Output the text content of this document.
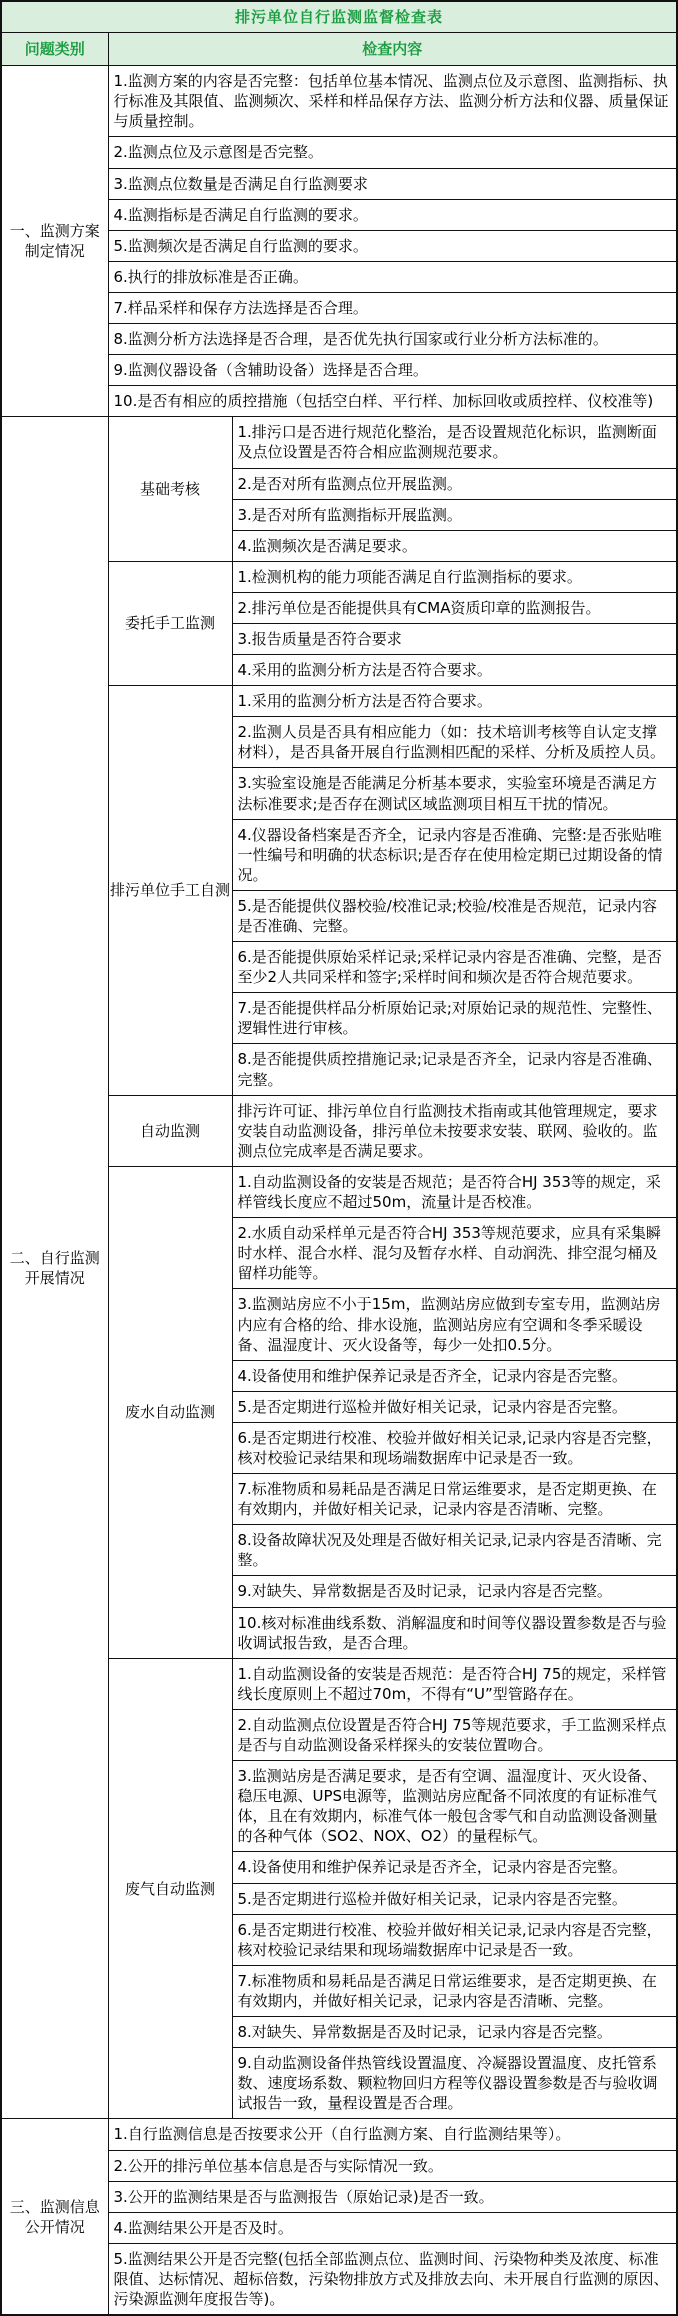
排污单位自行监测监督检查表		
问题类别	检查内容	
一、监测方案制定情况	1.监测方案的内容是否完整：包括单位基本情况、监测点位及示意图、监测指标、执行标准及其限值、监测频次、采样和样品保存方法、监测分析方法和仪器、质量保证与质量控制。	
	2.监测点位及示意图是否完整。	
	3.监测点位数量是否满足自行监测要求	
	4.监测指标是否满足自行监测的要求。	
	5.监测频次是否满足自行监测的要求。	
	6.执行的排放标准是否正确。	
	7.样品采样和保存方法选择是否合理。	
	8.监测分析方法选择是否合理，是否优先执行国家或行业分析方法标准的。	
	9.监测仪器设备（含辅助设备）选择是否合理。	
	10.是否有相应的质控措施（包括空白样、平行样、加标回收或质控样、仪校准等)	
二、自行监测开展情况	基础考核	1.排污口是否进行规范化整治，是否设置规范化标识，监测断面及点位设置是否符合相应监测规范要求。
		2.是否对所有监测点位开展监测。
		3.是否对所有监测指标开展监测。
		4.监测频次是否满足要求。
	委托手工监测	1.检测机构的能力项能否满足自行监测指标的要求。
		2.排污单位是否能提供具有CMA资质印章的监测报告。
		3.报告质量是否符合要求
		4.采用的监测分析方法是否符合要求。
	排污单位手工自测	1.采用的监测分析方法是否符合要求。
		2.监测人员是否具有相应能力（如：技术培训考核等自认定支撑材料），是否具备开展自行监测相匹配的采样、分析及质控人员。
		3.实验室设施是否能满足分析基本要求，实验室环境是否满足方法标准要求;是否存在测试区域监测项目相互干扰的情况。
		4.仪器设备档案是否齐全，记录内容是否准确、完整:是否张贴唯一性编号和明确的状态标识;是否存在使用检定期已过期设备的情况。
		5.是否能提供仪器校验/校准记录;校验/校准是否规范，记录内容是否准确、完整。
		6.是否能提供原始采样记录;采样记录内容是否准确、完整，是否至少2人共同采样和签字;采样时间和频次是否符合规范要求。
		7.是否能提供样品分析原始记录;对原始记录的规范性、完整性、逻辑性进行审核。
		8.是否能提供质控措施记录;记录是否齐全，记录内容是否准确、完整。
	自动监测	排污许可证、排污单位自行监测技术指南或其他管理规定，要求安装自动监测设备，排污单位未按要求安装、联网、验收的。监测点位完成率是否满足要求。
	废水自动监测	1.自动监测设备的安装是否规范；是否符合HJ 353等的规定，采样管线长度应不超过50m，流量计是否校准。
		2.水质自动采样单元是否符合HJ 353等规范要求，应具有采集瞬时水样、混合水样、混匀及暂存水样、自动润洗、排空混匀桶及留样功能等。
		3.监测站房应不小于15m，监测站房应做到专室专用，监测站房内应有合格的给、排水设施，监测站房应有空调和冬季采暖设备、温湿度计、灭火设备等，每少一处扣0.5分。
		4.设备使用和维护保养记录是否齐全，记录内容是否完整。
		5.是否定期进行巡检并做好相关记录，记录内容是否完整。
		6.是否定期进行校准、校验并做好相关记录,记录内容是否完整，核对校验记录结果和现场端数据库中记录是否一致。
		7.标准物质和易耗品是否满足日常运维要求，是否定期更换、在有效期内，并做好相关记录，记录内容是否清晰、完整。
		8.设备故障状况及处理是否做好相关记录,记录内容是否清晰、完整。
		9.对缺失、异常数据是否及时记录，记录内容是否完整。
		10.核对标准曲线系数、消解温度和时间等仪器设置参数是否与验收调试报告致，是否合理。
	废气自动监测	1.自动监测设备的安装是否规范：是否符合HJ 75的规定，采样管线长度原则上不超过70m，不得有“U”型管路存在。
		2.自动监测点位设置是否符合HJ 75等规范要求，手工监测采样点是否与自动监测设备采样探头的安装位置吻合。
		3.监测站房是否满足要求，是否有空调、温湿度计、灭火设备、稳压电源、UPS电源等，监测站房应配备不同浓度的有证标准气体，且在有效期内，标准气体一般包含零气和自动监测设备测量的各种气体（SO2、NOX、O2）的量程标气。
		4.设备使用和维护保养记录是否齐全，记录内容是否完整。
		5.是否定期进行巡检并做好相关记录，记录内容是否完整。
		6.是否定期进行校准、校验并做好相关记录,记录内容是否完整，核对校验记录结果和现场端数据库中记录是否一致。
		7.标准物质和易耗品是否满足日常运维要求，是否定期更换、在有效期内，并做好相关记录，记录内容是否清晰、完整。
		8.对缺失、异常数据是否及时记录，记录内容是否完整。
		9.自动监测设备伴热管线设置温度、冷凝器设置温度、皮托管系数、速度场系数、颗粒物回归方程等仪器设置参数是否与验收调试报告一致，量程设置是否合理。
三、监测信息公开情况	1.自行监测信息是否按要求公开（自行监测方案、自行监测结果等）。	
	2.公开的排污单位基本信息是否与实际情况一致。	
	3.公开的监测结果是否与监测报告（原始记录)是否一致。	
	4.监测结果公开是否及时。	
	5.监测结果公开是否完整(包括全部监测点位、监测时间、污染物种类及浓度、标准限值、达标情况、超标倍数，污染物排放方式及排放去向、未开展自行监测的原因、污染源监测年度报告等)。	
